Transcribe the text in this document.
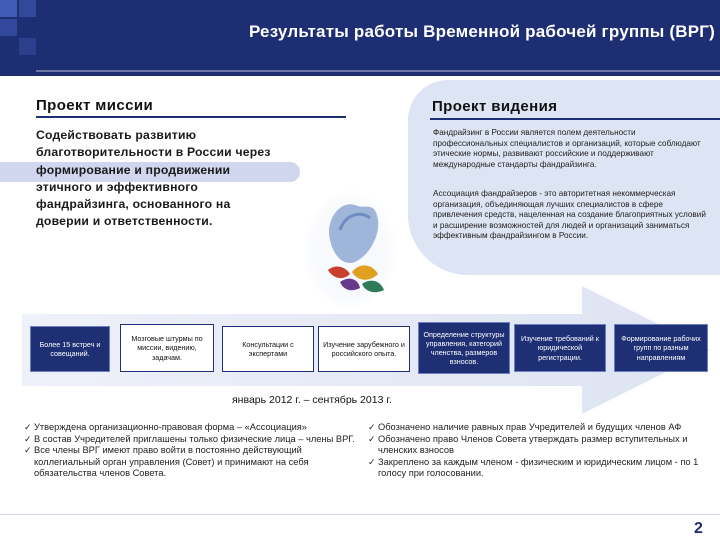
Результаты работы Временной рабочей группы (ВРГ)
Проект миссии
Содействовать развитию благотворительности в России через формирование и продвижении этичного и эффективного фандрайзинга, основанного на доверии и ответственности.
Проект видения
Фандрайзинг в России является полем деятельности профессиональных специалистов и организаций, которые соблюдают этические нормы, развивают российские и поддерживают международные стандарты фандрайзинга.
Ассоциация фандрайзеров - это авторитетная некоммерческая организация, объединяющая лучших специалистов в сфере привлечения средств, нацеленная на создание благоприятных условий и расширение возможностей для людей и организаций заниматься эффективным фандрайзингом в России.
Более 15 встреч и совещаний.
Мозговые штурмы по миссии, видению, задачам.
Консультации с экспертами
Изучение зарубежного и российского опыта.
Определение структуры управления, категорий членства, размеров взносов.
Изучение требований к юридической регистрации.
Формирование рабочих групп по разным направлениям
январь 2012 г. – сентябрь 2013 г.
✓ Утверждена организационно-правовая форма – «Ассоциация»
✓ В состав Учредителей приглашены только физические лица – члены ВРГ.
✓ Все члены ВРГ имеют право войти в постоянно действующий коллегиальный орган управления (Совет) и принимают на себя обязательства членов Совета.
✓ Обозначено наличие равных прав Учредителей и будущих членов АФ
✓ Обозначено право Членов Совета утверждать размер вступительных и членских взносов
✓ Закреплено за каждым членом - физическим и юридическим лицом - по 1 голосу при голосовании.
2
